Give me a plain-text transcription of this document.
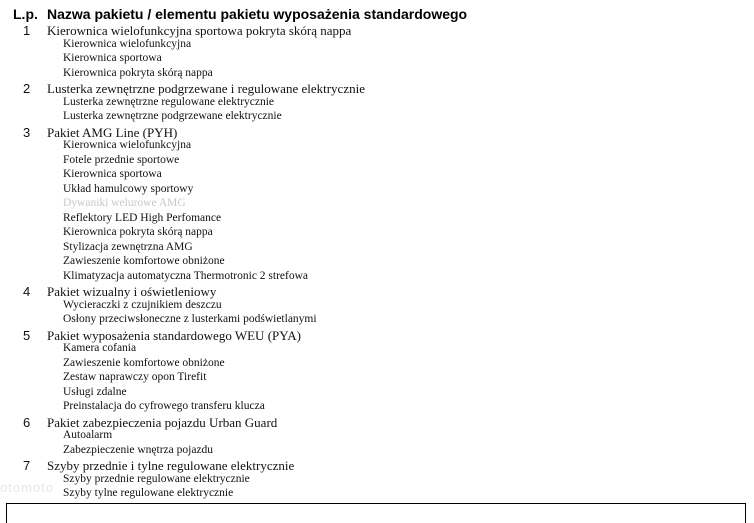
L.p. Nazwa pakietu / elementu pakietu wyposażenia standardowego
1 Kierownica wielofunkcyjna sportowa pokryta skórą nappa
Kierownica wielofunkcyjna
Kierownica sportowa
Kierownica pokryta skórą nappa
2 Lusterka zewnętrzne podgrzewane i regulowane elektrycznie
Lusterka zewnętrzne regulowane elektrycznie
Lusterka zewnętrzne podgrzewane elektrycznie
3 Pakiet AMG Line (PYH)
Kierownica wielofunkcyjna
Fotele przednie sportowe
Kierownica sportowa
Układ hamulcowy sportowy
Dywaniki welurowe AMG
Reflektory LED High Perfomance
Kierownica pokryta skórą nappa
Stylizacja zewnętrzna AMG
Zawieszenie komfortowe obniżone
Klimatyzacja automatyczna Thermotronic 2 strefowa
4 Pakiet wizualny i oświetleniowy
Wycieraczki z czujnikiem deszczu
Osłony przeciwsłoneczne z lusterkami podświetlanymi
5 Pakiet wyposażenia standardowego WEU (PYA)
Kamera cofania
Zawieszenie komfortowe obniżone
Zestaw naprawczy opon Tirefit
Usługi zdalne
Preinstalacja do cyfrowego transferu klucza
6 Pakiet zabezpieczenia pojazdu Urban Guard
Autoalarm
Zabezpieczenie wnętrza pojazdu
7 Szyby przednie i tylne regulowane elektrycznie
Szyby przednie regulowane elektrycznie
Szyby tylne regulowane elektrycznie
otomoto
